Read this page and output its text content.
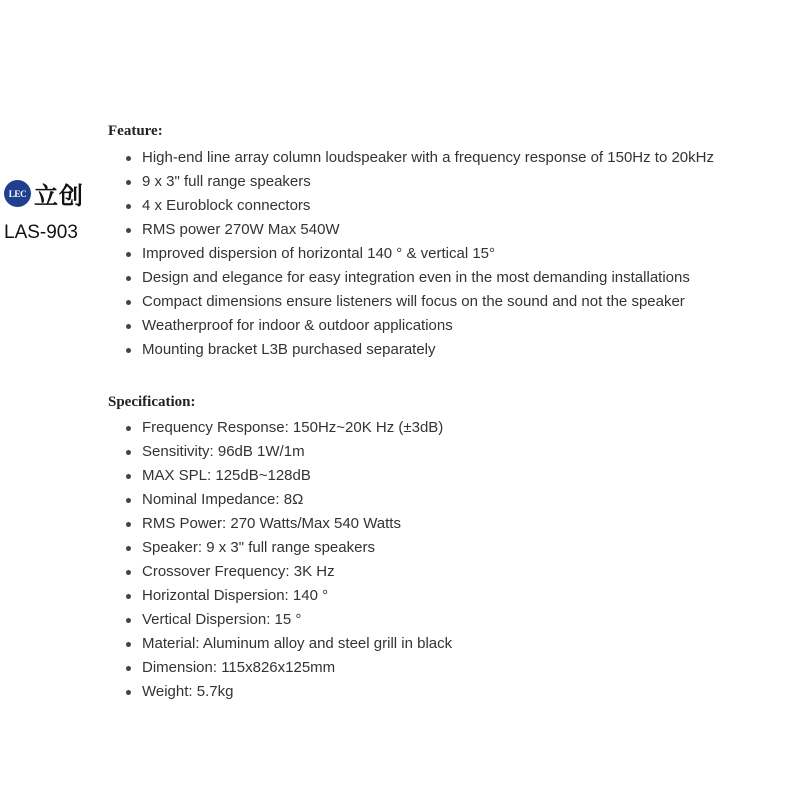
LEC 立创
LAS-903
Feature:
High-end line array column loudspeaker with a frequency response of 150Hz to 20kHz
9 x 3" full range speakers
4 x Euroblock connectors
RMS power 270W Max 540W
Improved dispersion of horizontal 140 ° & vertical 15°
Design and elegance for easy integration even in the most demanding installations
Compact dimensions ensure listeners will focus on the sound and not the speaker
Weatherproof for indoor & outdoor applications
Mounting bracket L3B purchased separately
Specification:
Frequency Response: 150Hz~20K Hz (±3dB)
Sensitivity: 96dB 1W/1m
MAX SPL: 125dB~128dB
Nominal Impedance: 8Ω
RMS Power: 270 Watts/Max 540 Watts
Speaker: 9 x 3" full range speakers
Crossover Frequency: 3K Hz
Horizontal Dispersion: 140 °
Vertical Dispersion: 15 °
Material: Aluminum alloy and steel grill in black
Dimension: 115x826x125mm
Weight: 5.7kg
